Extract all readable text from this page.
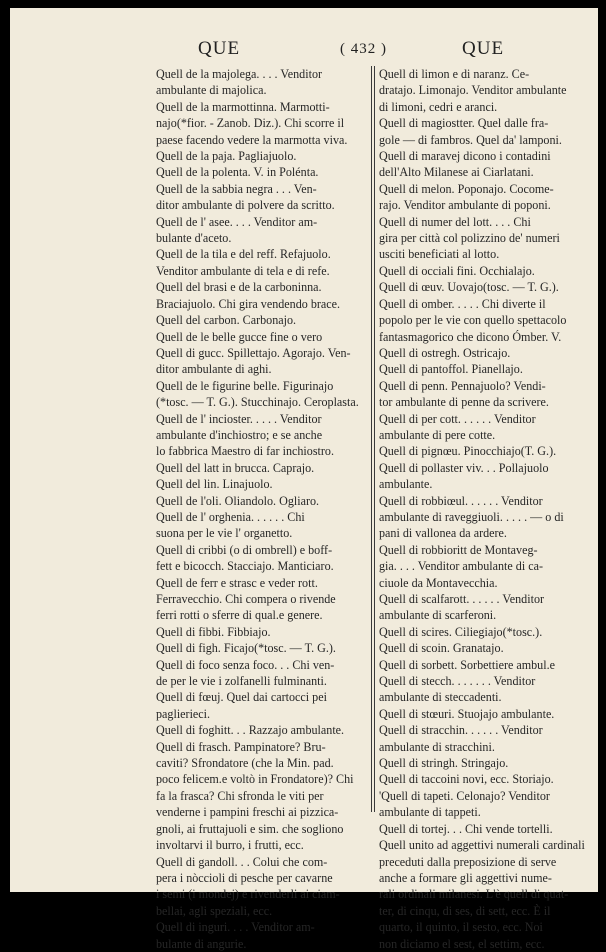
QUE	( 432 )	QUE
Quell de la majolega. . . . Venditor
ambulante di majolica.
Quell de la marmottinna. Marmotti-
najo(*fior. - Zanob. Diz.). Chi scorre il
paese facendo vedere la marmotta viva.
Quell de la paja. Pagliajuolo.
Quell de la polenta. V. in Polénta.
Quell de la sabbia negra . . . Ven-
ditor ambulante di polvere da scritto.
Quell de l' asee. . . . Venditor am-
bulante d'aceto.
Quell de la tila e del reff. Refajuolo.
Venditor ambulante di tela e di refe.
Quell del brasi e de la carboninna.
Braciajuolo. Chi gira vendendo brace.
Quell del carbon. Carbonajo.
Quell de le belle gucce fine o vero
Quell di gucc. Spillettajo. Agorajo. Ven-
ditor ambulante di aghi.
Quell de le figurine belle. Figurinajo
(*tosc. — T. G.). Stucchinajo. Ceroplasta.
Quell de l' incioster. . . . . Venditor
ambulante d'inchiostro; e se anche
lo fabbrica Maestro di far inchiostro.
Quell del latt in brucca. Caprajo.
Quell del lin. Linajuolo.
Quell de l'oli. Oliandolo. Ogliaro.
Quell de l' orghenia. . . . . . Chi
suona per le vie l' organetto.
Quell di cribbi (o di ombrell) e boff-
fett e bicocch. Stacciajo. Manticiaro.
Quell de ferr e strasc e veder rott.
Ferravecchio. Chi compera o rivende
ferri rotti o sferre di qual.e genere.
Quell di fibbi. Fibbiajo.
Quell di figh. Ficajo(*tosc. — T. G.).
Quell di foco senza foco. . . Chi ven-
de per le vie i zolfanelli fulminanti.
Quell di fœuj. Quel dai cartocci pei
paglierieci.
Quell di foghitt. . . Razzajo ambulante.
Quell di frasch. Pampinatore? Bru-
caviti? Sfrondatore (che la Min. pad.
poco felicem.e voltò in Frondatore)? Chi
fa la frasca? Chi sfronda le viti per
venderne i pampini freschi ai pizzica-
gnoli, ai fruttajuoli e sim. che sogliono
involtarvi il burro, i frutti, ecc.
Quell di gandoll. . . Colui che com-
pera i nòccioli di pesche per cavarne
i semi (i mondej) e rivenderli ai ciam-
bellai, agli speziali, ecc.
Quell di inguri. . . . Venditor am-
bulante di angurie.
Quell di limon e di naranz. Ce-
dratajo. Limonajo. Venditor ambulante
di limoni, cedri e aranci.
Quell di magiostter. Quel dalle fra-
gole — di fambros. Quel da' lamponi.
Quell di maravej dicono i contadini
dell'Alto Milanese ai Ciarlatani.
Quell di melon. Poponajo. Cocome-
rajo. Venditor ambulante di poponi.
Quell di numer del lott. . . . Chi
gira per città col polizzino de' numeri
usciti beneficiati al lotto.
Quell di occiali fini. Occhialajo.
Quell di œuv. Uovajo(tosc. — T. G.).
Quell di omber. . . . . Chi diverte il
popolo per le vie con quello spettacolo
fantasmagorico che dicono Ómber. V.
Quell di ostregh. Ostricajo.
Quell di pantoffol. Pianellajo.
Quell di penn. Pennajuolo? Vendi-
tor ambulante di penne da scrivere.
Quell di per cott. . . . . . Venditor
ambulante di pere cotte.
Quell di pignœu. Pinocchiajo(T. G.).
Quell di pollaster viv. . . Pollajuolo
ambulante.
Quell di robbiœul. . . . . . Venditor
ambulante di raveggiuoli. . . . . — o di
pani di vallonea da ardere.
Quell di robbioritt de Montaveg-
gia. . . . Venditor ambulante di ca-
ciuole da Montavecchia.
Quell di scalfarott. . . . . . Venditor
ambulante di scarferoni.
Quell di scires. Ciliegiajo(*tosc.).
Quell di scoin. Granatajo.
Quell di sorbett. Sorbettiere ambul.e
Quell di stecch. . . . . . . Venditor
ambulante di steccadenti.
Quell di stœuri. Stuojajo ambulante.
Quell di stracchin. . . . . . Venditor
ambulante di stracchini.
Quell di stringh. Stringajo.
Quell di taccoini novi, ecc. Storiajo.
'Quell di tapeti. Celonajo? Venditor
ambulante di tappeti.
Quell di tortej. . . Chi vende tortelli.
Quell unito ad aggettivi numerali cardinali
preceduti dalla preposizione di serve
anche a formare gli aggettivi nume-
rali ordinali milanesi. L'è quell di quat-
ter, di cinqu, di ses, di sett, ecc. È il
quarto, il quinto, il sesto, ecc. Noi
non diciamo el sest, el settim, ecc.
